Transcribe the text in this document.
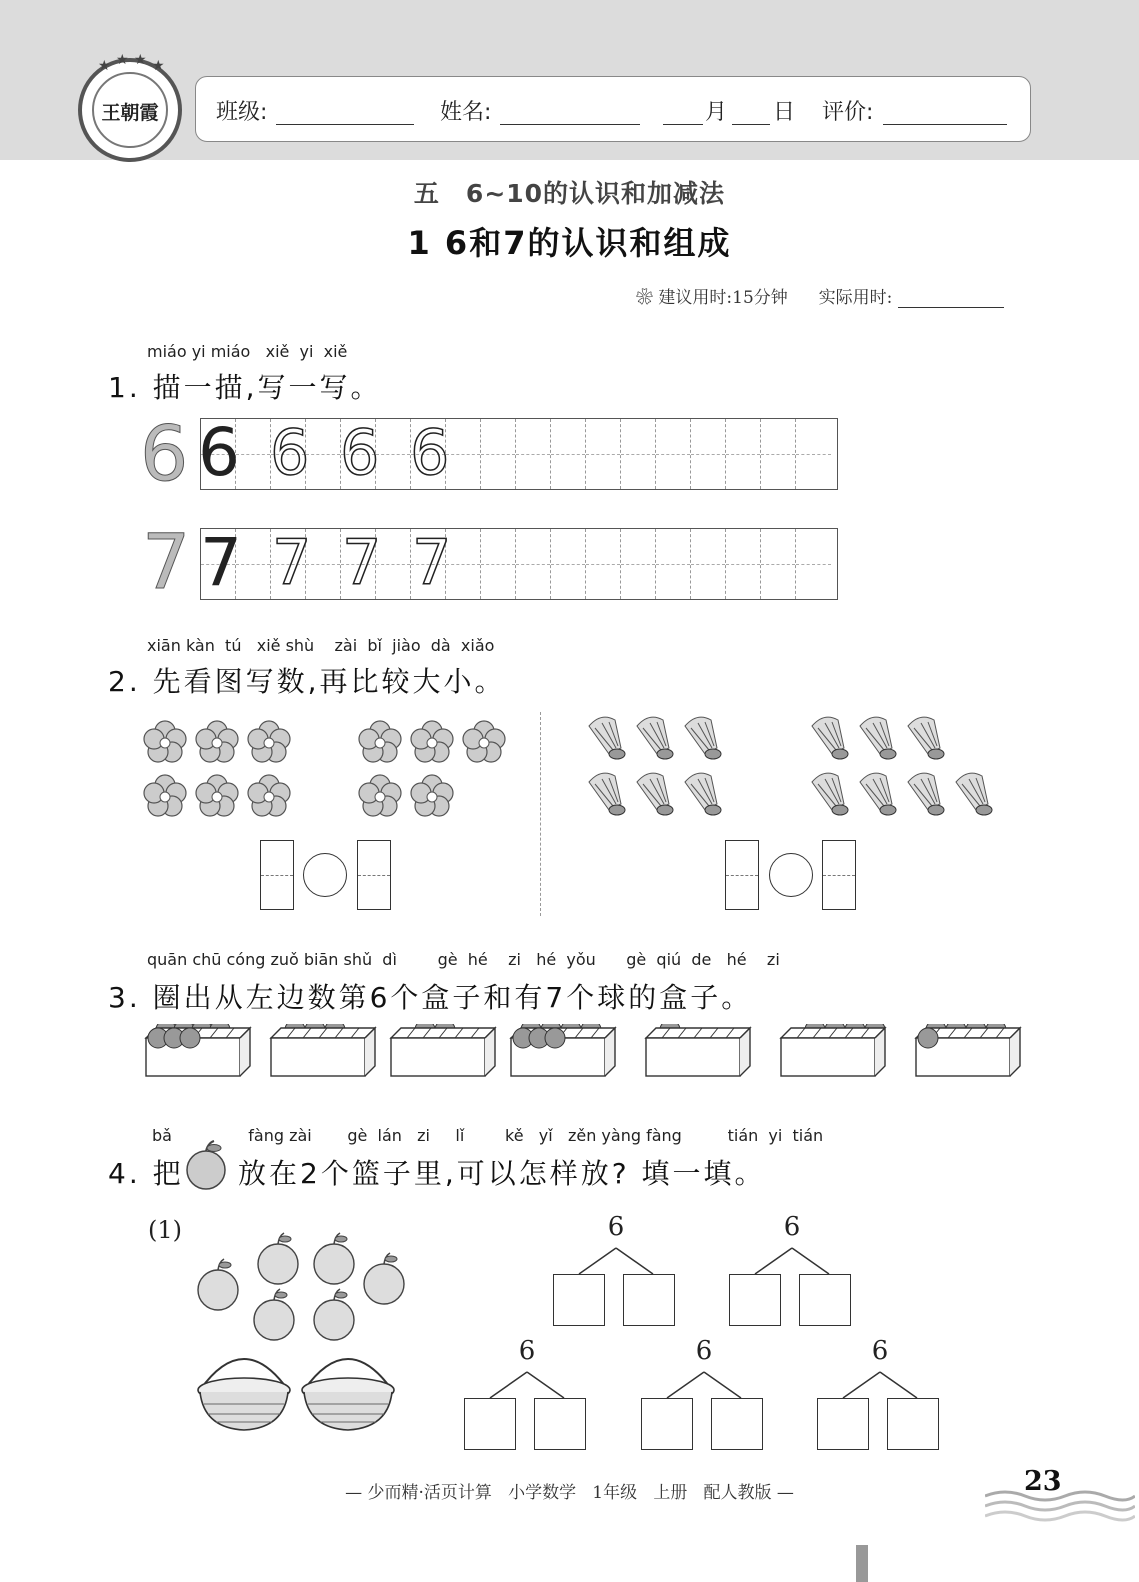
★ ★ ★ ★
王朝霞	班级:	姓名:	月 日 评价:
五　6~10的认识和加减法
1 6和7的认识和组成
❀ 建议用时:15分钟 实际用时:
miáo yi miáo   xiě  yi  xiě
1. 描一描,写一写。
6 6 6 6 6
7 7 7 7 7
xiān kàn  tú   xiě shù    zài  bǐ  jiào  dà  xiǎo
2. 先看图写数,再比较大小。
quān chū cóng zuǒ biān shǔ  dì        gè  hé    zi   hé  yǒu      gè  qiú  de   hé    zi
3. 圈出从左边数第6个盒子和有7个球的盒子。
bǎ               fàng zài       gè  lán   zi     lǐ        kě   yǐ   zěn yàng fàng         tián  yi  tián
4. 把 放在2个篮子里,可以怎样放? 填一填。
(1)	6	6
6	6	6
— 少而精·活页计算   小学数学   1年级   上册   配人教版 —	23
